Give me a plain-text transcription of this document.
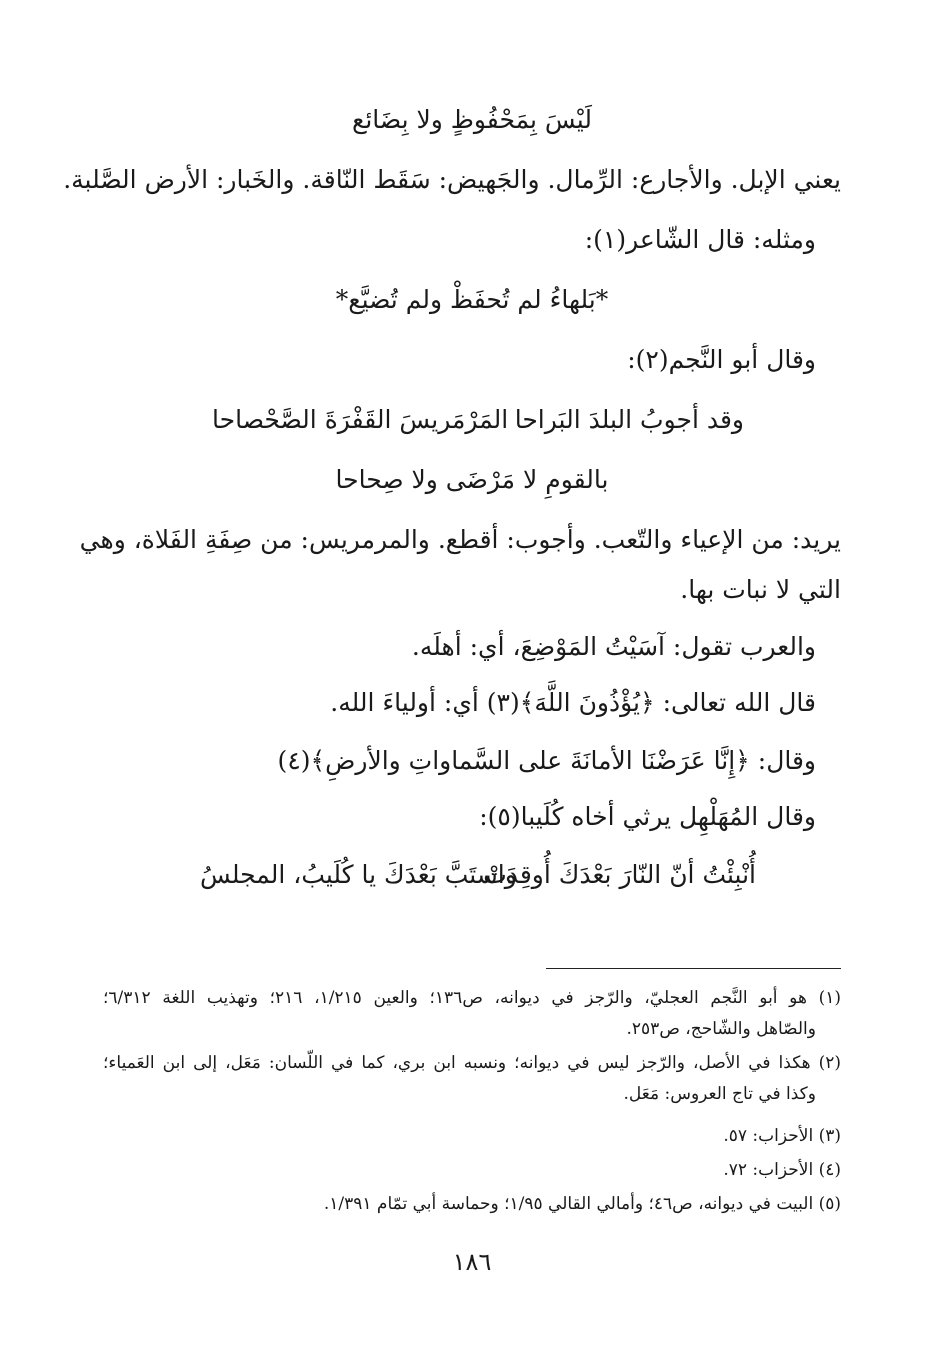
لَيْسَ بِمَحْفُوظٍ ولا بِضَائع
يعني الإبل. والأجارع: الرِّمال. والجَهيض: سَقَط النّاقة. والخَبار: الأرض الصَّلبة.
ومثله: قال الشّاعر(١):
*بَلهاءُ لم تُحفَظْ ولم تُضيَّع*
وقال أبو النَّجم(٢):
وقد أجوبُ البلدَ البَراحا
المَرْمَريسَ القَفْرَةَ الصَّحْصاحا
بالقومِ لا مَرْضَى ولا صِحاحا
يريد: من الإعياء والتّعب. وأجوب: أقطع. والمرمريس: من صِفَةِ الفَلاة، وهي
التي لا نبات بها.
والعرب تقول: آسَيْتُ المَوْضِعَ، أي: أهلَه.
قال الله تعالى: ﴿يُؤْذُونَ اللَّهَ﴾(٣) أي: أولياءَ الله.
وقال: ﴿إِنَّا عَرَضْنَا الأمانَةَ على السَّماواتِ والأرضِ﴾(٤)
وقال المُهَلْهِل يرثي أخاه كُلَيبا(٥):
أُنْبِئْتُ أنّ النّارَ بَعْدَكَ أُوقِدَتْ
واستَبَّ بَعْدَكَ يا كُلَيبُ، المجلسُ
(١) هو أبو النَّجم العجليّ، والرّجز في ديوانه، ص١٣٦؛ والعين ١/٢١٥، ٢١٦؛ وتهذيب اللغة ٦/٣١٢؛
والصّاهل والشّاحج، ص٢٥٣.
(٢) هكذا في الأصل، والرّجز ليس في ديوانه؛ ونسبه ابن بري، كما في اللّسان: مَعَل، إلى ابن العَمياء؛
وكذا في تاج العروس: مَعَل.
(٣) الأحزاب: ٥٧.
(٤) الأحزاب: ٧٢.
(٥) البيت في ديوانه، ص٤٦؛ وأمالي القالي ١/٩٥؛ وحماسة أبي تمّام ١/٣٩١.
١٨٦
